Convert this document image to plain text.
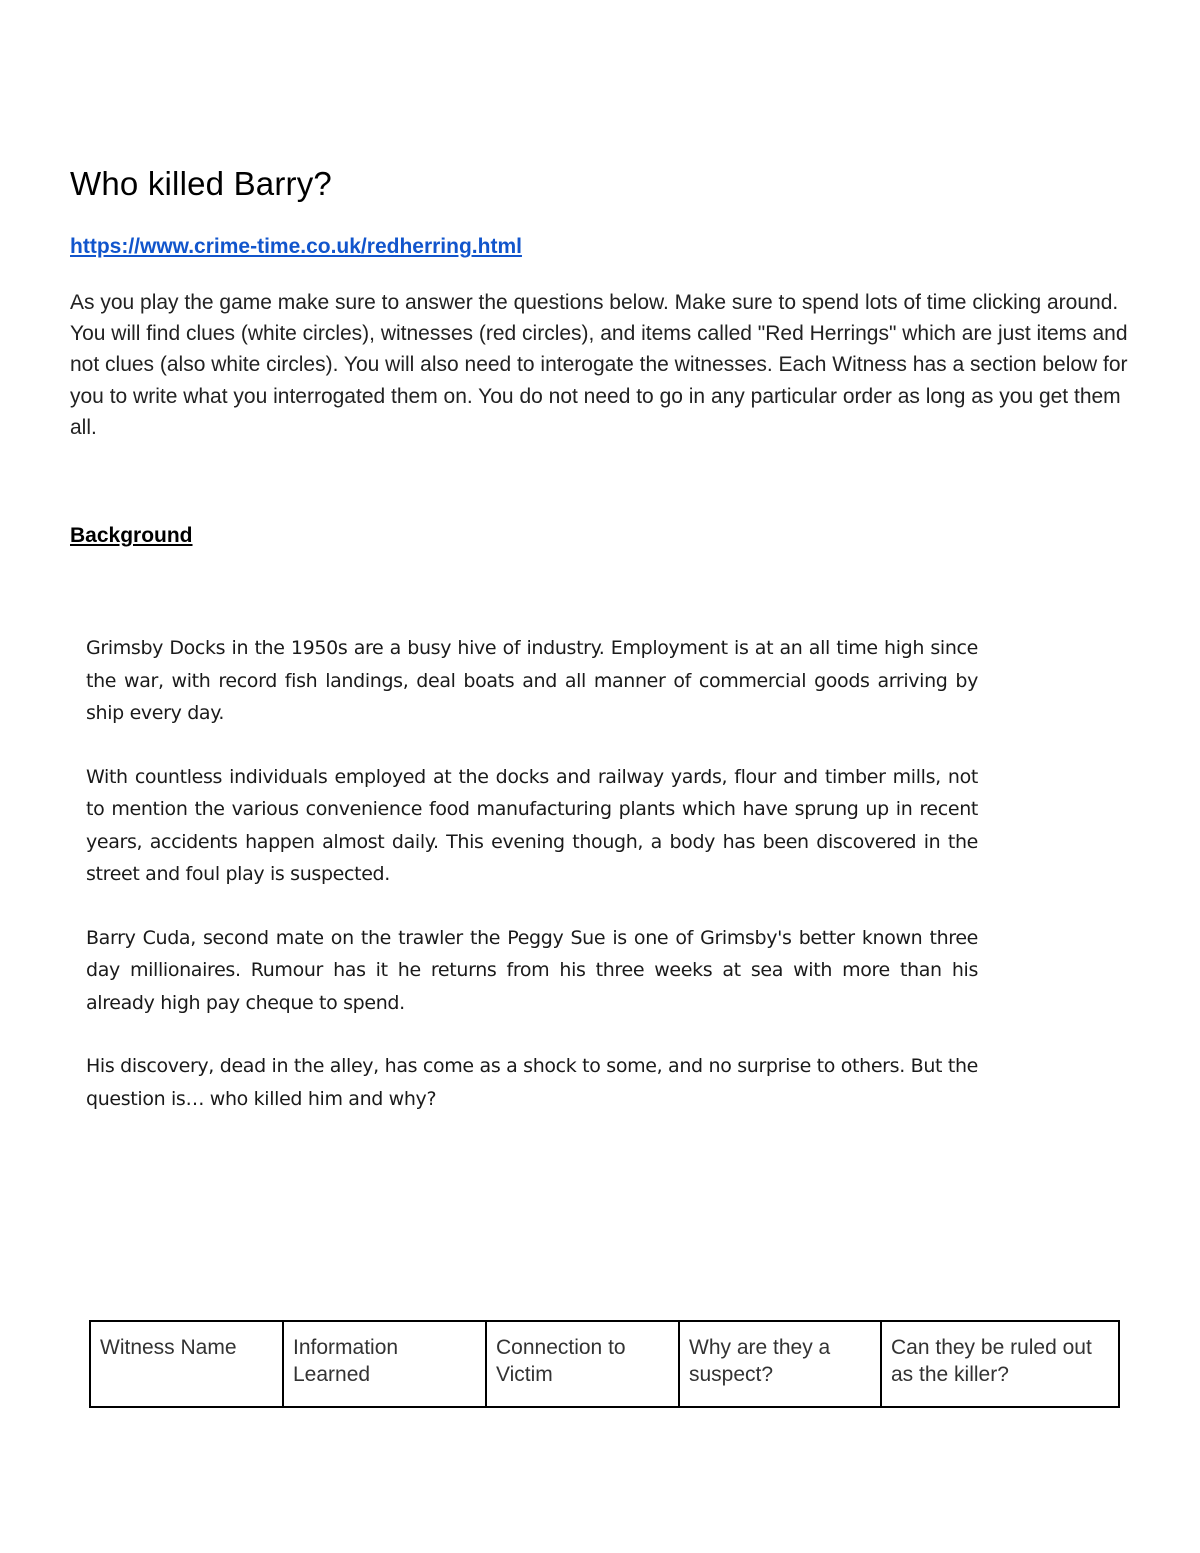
Who killed Barry?
https://www.crime-time.co.uk/redherring.html

As you play the game make sure to answer the questions below. Make sure to spend lots of time clicking around. You will find clues (white circles), witnesses (red circles), and items called "Red Herrings" which are just items and not clues (also white circles). You will also need to interogate the witnesses. Each Witness has a section below for you to write what you interrogated them on. You do not need to go in any particular order as long as you get them all.

Background

Grimsby Docks in the 1950s are a busy hive of industry. Employment is at an all time high since the war, with record fish landings, deal boats and all manner of commercial goods arriving by ship every day.

With countless individuals employed at the docks and railway yards, flour and timber mills, not to mention the various convenience food manufacturing plants which have sprung up in recent years, accidents happen almost daily. This evening though, a body has been discovered in the street and foul play is suspected.

Barry Cuda, second mate on the trawler the Peggy Sue is one of Grimsby's better known three day millionaires. Rumour has it he returns from his three weeks at sea with more than his already high pay cheque to spend.

His discovery, dead in the alley, has come as a shock to some, and no surprise to others. But the question is… who killed him and why?

Witness Name	Information Learned	Connection to Victim	Why are they a suspect?	Can they be ruled out as the killer?
